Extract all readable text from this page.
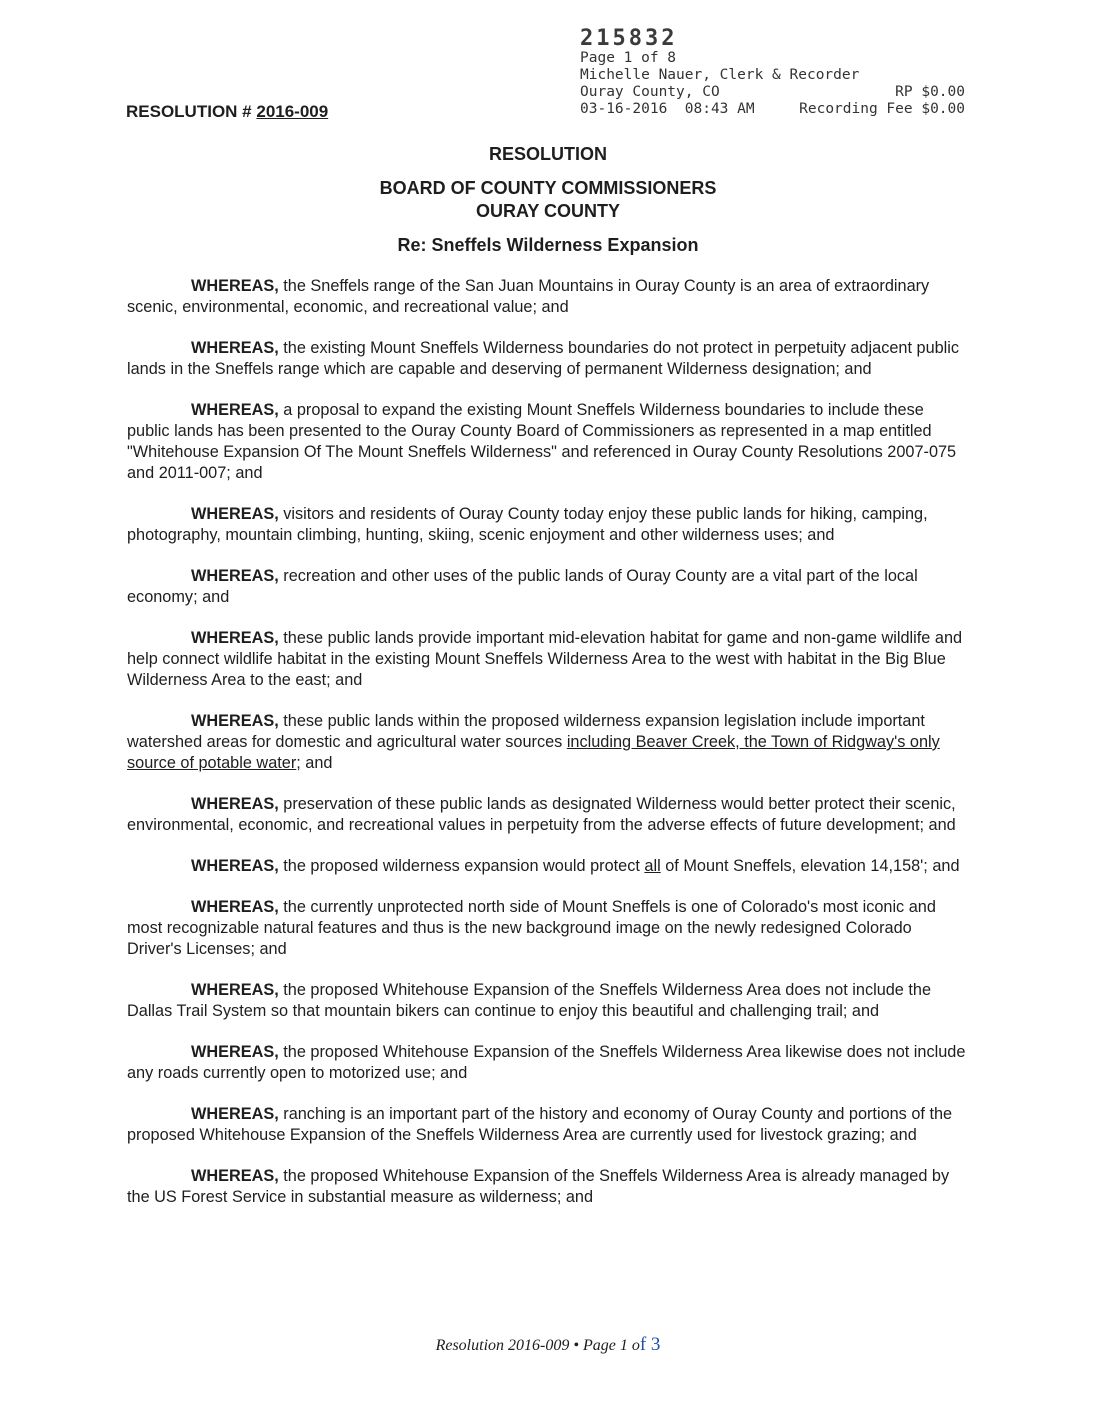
215832
Page 1 of 8
Michelle Nauer, Clerk & Recorder
Ouray County, CO	RP $0.00
03-16-2016  08:43 AM	Recording Fee $0.00
RESOLUTION # 2016-009
RESOLUTION
BOARD OF COUNTY COMMISSIONERS
OURAY COUNTY
Re: Sneffels Wilderness Expansion

WHEREAS, the Sneffels range of the San Juan Mountains in Ouray County is an area of extraordinary scenic, environmental, economic, and recreational value; and

WHEREAS, the existing Mount Sneffels Wilderness boundaries do not protect in perpetuity adjacent public lands in the Sneffels range which are capable and deserving of permanent Wilderness designation; and

WHEREAS, a proposal to expand the existing Mount Sneffels Wilderness boundaries to include these public lands has been presented to the Ouray County Board of Commissioners as represented in a map entitled "Whitehouse Expansion Of The Mount Sneffels Wilderness" and referenced in Ouray County Resolutions 2007-075 and 2011-007; and

WHEREAS, visitors and residents of Ouray County today enjoy these public lands for hiking, camping, photography, mountain climbing, hunting, skiing, scenic enjoyment and other wilderness uses; and

WHEREAS, recreation and other uses of the public lands of Ouray County are a vital part of the local economy; and

WHEREAS, these public lands provide important mid-elevation habitat for game and non-game wildlife and help connect wildlife habitat in the existing Mount Sneffels Wilderness Area to the west with habitat in the Big Blue Wilderness Area to the east; and

WHEREAS, these public lands within the proposed wilderness expansion legislation include important watershed areas for domestic and agricultural water sources including Beaver Creek, the Town of Ridgway's only source of potable water; and

WHEREAS, preservation of these public lands as designated Wilderness would better protect their scenic, environmental, economic, and recreational values in perpetuity from the adverse effects of future development; and

WHEREAS, the proposed wilderness expansion would protect all of Mount Sneffels, elevation 14,158'; and

WHEREAS, the currently unprotected north side of Mount Sneffels is one of Colorado's most iconic and most recognizable natural features and thus is the new background image on the newly redesigned Colorado Driver's Licenses; and

WHEREAS, the proposed Whitehouse Expansion of the Sneffels Wilderness Area does not include the Dallas Trail System so that mountain bikers can continue to enjoy this beautiful and challenging trail; and

WHEREAS, the proposed Whitehouse Expansion of the Sneffels Wilderness Area likewise does not include any roads currently open to motorized use; and

WHEREAS, ranching is an important part of the history and economy of Ouray County and portions of the proposed Whitehouse Expansion of the Sneffels Wilderness Area are currently used for livestock grazing; and

WHEREAS, the proposed Whitehouse Expansion of the Sneffels Wilderness Area is already managed by the US Forest Service in substantial measure as wilderness; and

Resolution 2016-009 • Page 1 of 3
